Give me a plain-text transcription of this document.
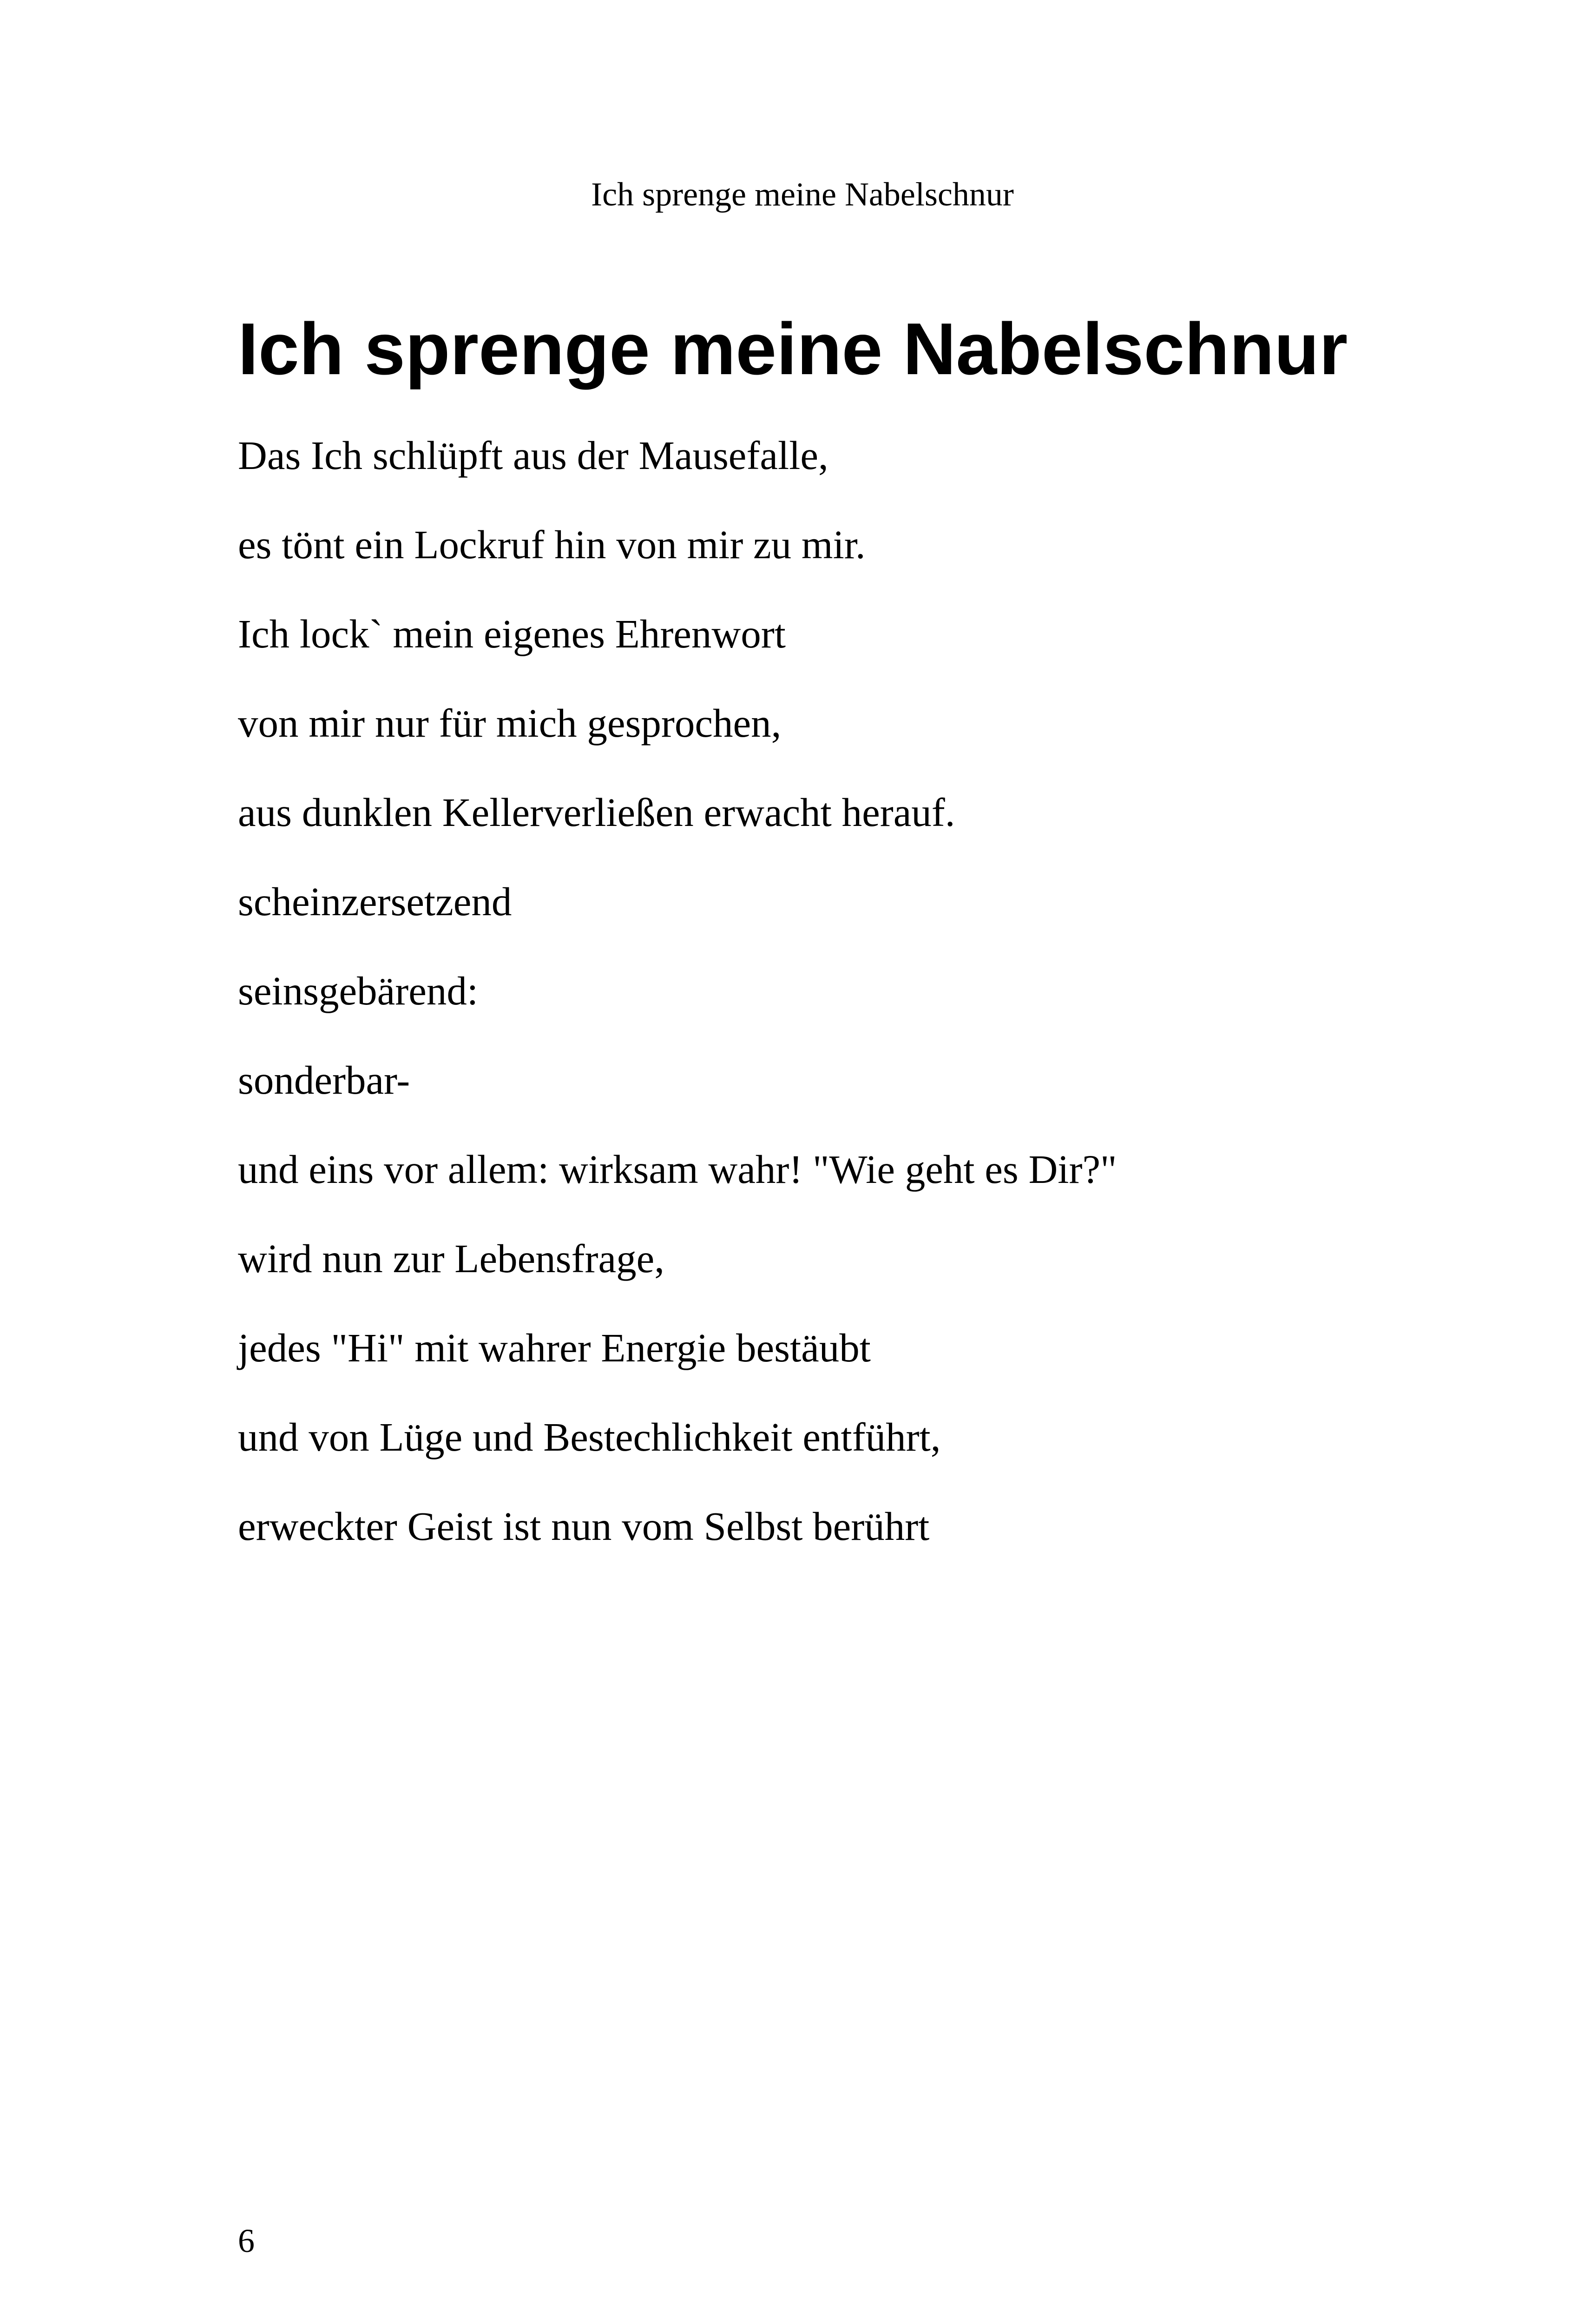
Ich sprenge meine Nabelschnur

Ich sprenge meine Nabelschnur
Das Ich schlüpft aus der Mausefalle,
es tönt ein Lockruf hin von mir zu mir.
Ich lock` mein eigenes Ehrenwort
von mir nur für mich gesprochen,
aus dunklen Kellerverließen erwacht herauf.
scheinzersetzend
seinsgebärend:
sonderbar-
und eins vor allem: wirksam wahr! "Wie geht es Dir?"
wird nun zur Lebensfrage,
jedes "Hi" mit wahrer Energie bestäubt
und von Lüge und Bestechlichkeit entführt,
erweckter Geist ist nun vom Selbst berührt

6
